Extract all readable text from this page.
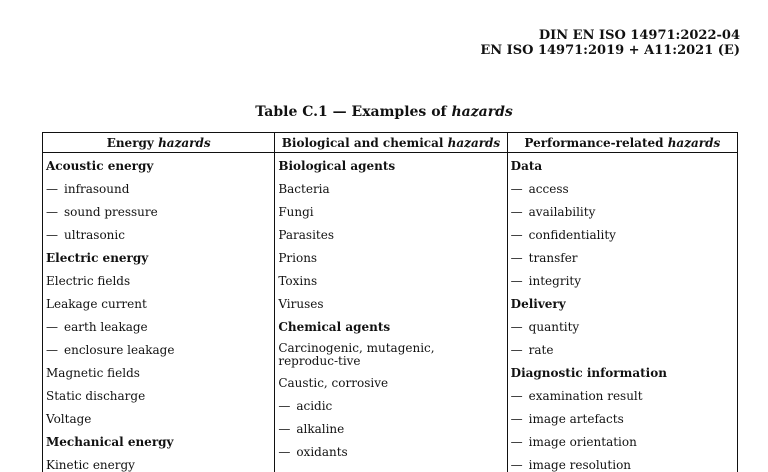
DIN EN ISO 14971:2022-04
EN ISO 14971:2019 + A11:2021 (E)
Table C.1 — Examples of hazards
Energy hazards
Acoustic energy
— infrasound
— sound pressure
— ultrasonic
Electric energy
Electric fields
Leakage current
— earth leakage
— enclosure leakage
Magnetic fields
Static discharge
Voltage
Mechanical energy
Kinetic energy
Biological and chemical hazards
Biological agents
Bacteria
Fungi
Parasites
Prions
Toxins
Viruses
Chemical agents
Carcinogenic, mutagenic, reproduc-tive
Caustic, corrosive
— acidic
— alkaline
— oxidants
Performance-related hazards
Data
— access
— availability
— confidentiality
— transfer
— integrity
Delivery
— quantity
— rate
Diagnostic information
— examination result
— image artefacts
— image orientation
— image resolution
